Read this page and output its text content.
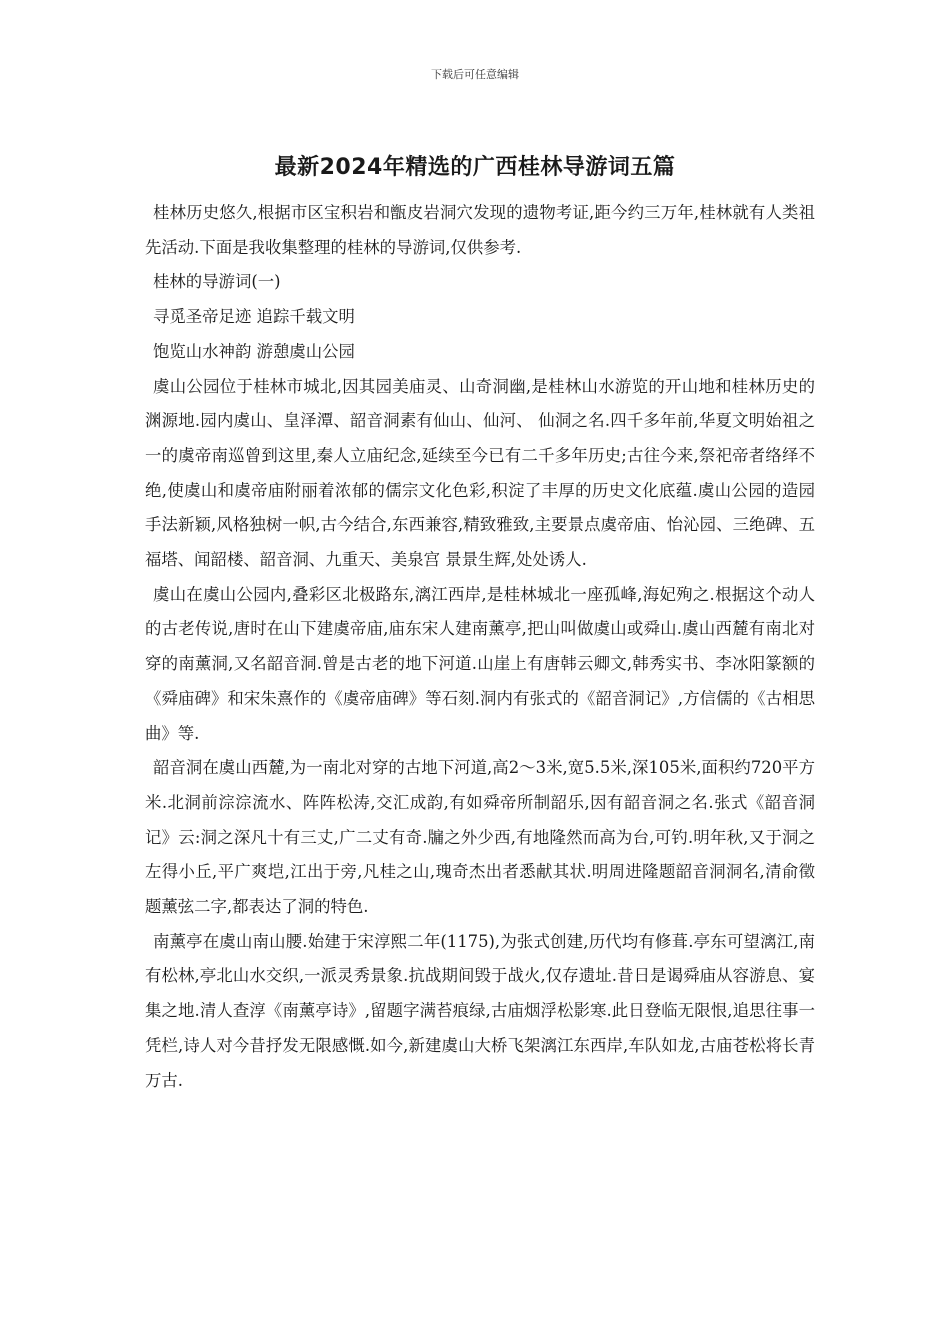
下载后可任意编辑
最新2024年精选的广西桂林导游词五篇

桂林历史悠久,根据市区宝积岩和甑皮岩洞穴发现的遗物考证,距今约三万年,桂林就有人类祖先活动.下面是我收集整理的桂林的导游词,仅供参考.

桂林的导游词(一)

寻觅圣帝足迹 追踪千载文明

饱览山水神韵 游憩虞山公园

虞山公园位于桂林市城北,因其园美庙灵、山奇洞幽,是桂林山水游览的开山地和桂林历史的渊源地.园内虞山、皇泽潭、韶音洞素有仙山、仙河、 仙洞之名.四千多年前,华夏文明始祖之一的虞帝南巡曾到这里,秦人立庙纪念,延续至今已有二千多年历史;古往今来,祭祀帝者络绎不绝,使虞山和虞帝庙附丽着浓郁的儒宗文化色彩,积淀了丰厚的历史文化底蕴.虞山公园的造园手法新颖,风格独树一帜,古今结合,东西兼容,精致雅致,主要景点虞帝庙、怡沁园、三绝碑、五福塔、闻韶楼、韶音洞、九重天、美泉宫 景景生辉,处处诱人.

虞山在虞山公园内,叠彩区北极路东,漓江西岸,是桂林城北一座孤峰,海妃殉之.根据这个动人的古老传说,唐时在山下建虞帝庙,庙东宋人建南薰亭,把山叫做虞山或舜山.虞山西麓有南北对穿的南薰洞,又名韶音洞.曾是古老的地下河道.山崖上有唐韩云卿文,韩秀实书、李冰阳篆额的《舜庙碑》和宋朱熹作的《虞帝庙碑》等石刻.洞内有张式的《韶音洞记》,方信儒的《古相思曲》等.

韶音洞在虞山西麓,为一南北对穿的古地下河道,高2～3米,宽5.5米,深105米,面积约720平方米.北洞前淙淙流水、阵阵松涛,交汇成韵,有如舜帝所制韶乐,因有韶音洞之名.张式《韶音洞记》云:洞之深凡十有三丈,广二丈有奇.牖之外少西,有地隆然而高为台,可钓.明年秋,又于洞之左得小丘,平广爽垲,江出于旁,凡桂之山,瑰奇杰出者悉献其状.明周进隆题韶音洞洞名,清俞徵题薰弦二字,都表达了洞的特色.

南薰亭在虞山南山腰.始建于宋淳熙二年(1175),为张式创建,历代均有修葺.亭东可望漓江,南有松林,亭北山水交织,一派灵秀景象.抗战期间毁于战火,仅存遗址.昔日是谒舜庙从容游息、宴集之地.清人查淳《南薰亭诗》,留题字满苔痕绿,古庙烟浮松影寒.此日登临无限恨,追思往事一凭栏,诗人对今昔抒发无限感慨.如今,新建虞山大桥飞架漓江东西岸,车队如龙,古庙苍松将长青万古.
